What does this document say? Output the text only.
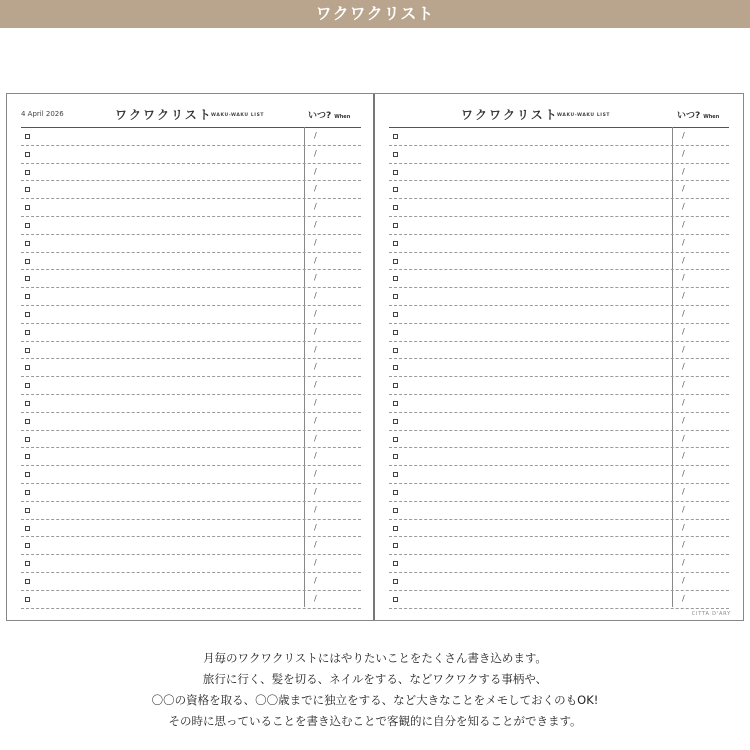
ワクワクリスト
4 April 2026	ワクワクリスト
WAKU-WAKU LIST	いつ? When
/
/
/
/
/
/
/
/
/
/
/
/
/
/
/
/
/
/
/
/
/
/
/
/
/
/
/
ワクワクリスト
WAKU-WAKU LIST	いつ? When
/
/
/
/
/
/
/
/
/
/
/
/
/
/
/
/
/
/
/
/
/
/
/
/
/
/
/
CITTA D'ARY
月毎のワクワクリストにはやりたいことをたくさん書き込めます。
旅行に行く、髪を切る、ネイルをする、などワクワクする事柄や、
〇〇の資格を取る、〇〇歳までに独立をする、など大きなことをメモしておくのもOK!
その時に思っていることを書き込むことで客観的に自分を知ることができます。
